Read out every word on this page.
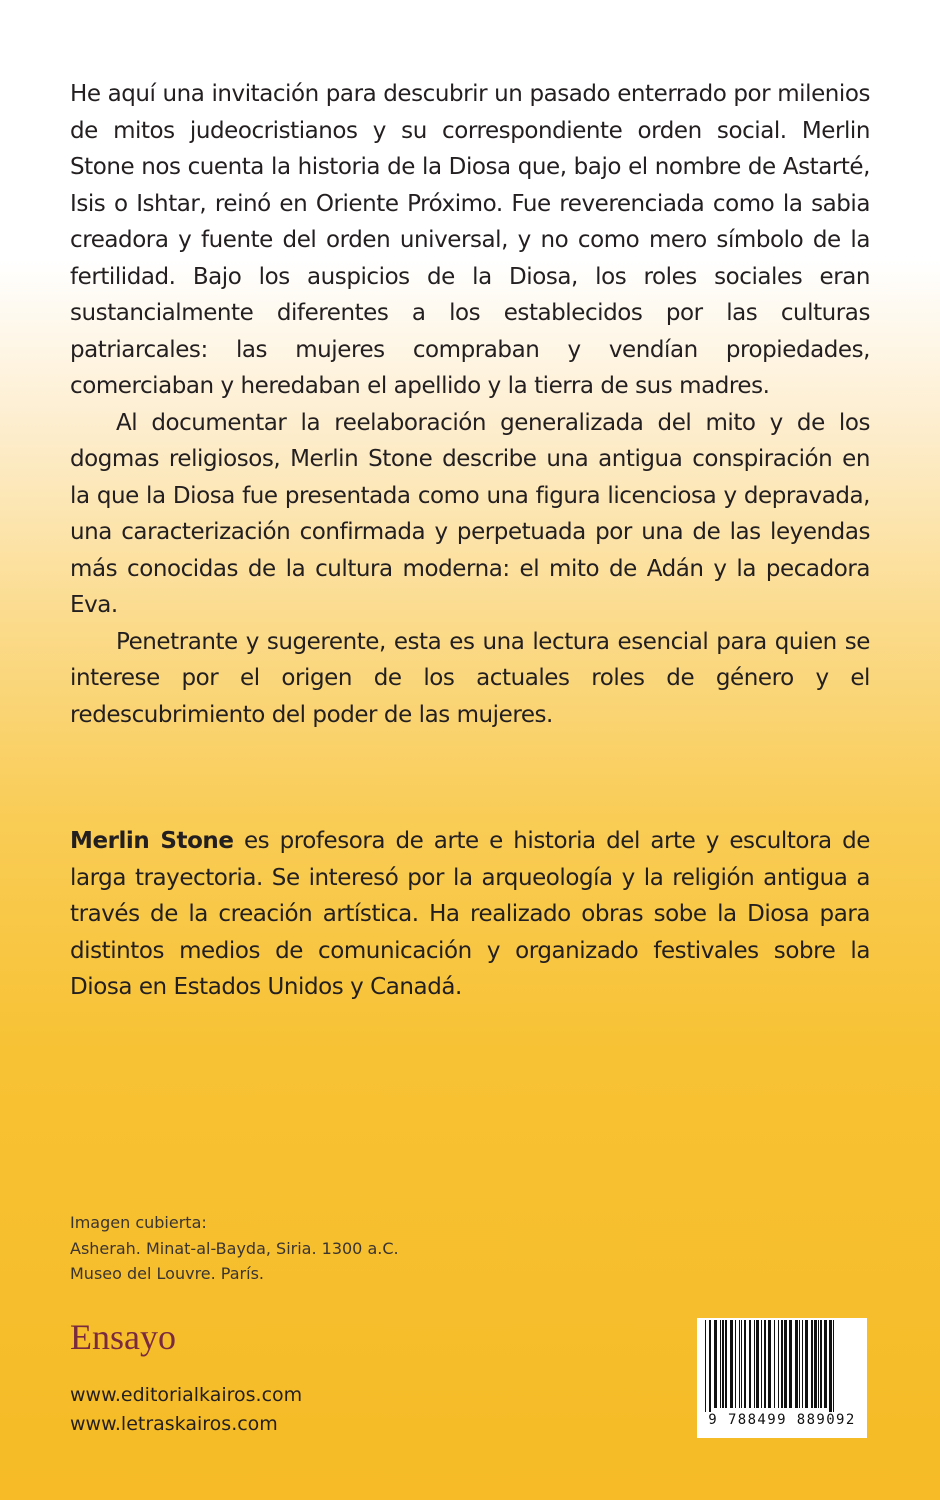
He aquí una invitación para descubrir un pasado enterrado por milenios de mitos judeocristianos y su correspondiente orden social. Merlin Stone nos cuenta la historia de la Diosa que, bajo el nombre de Astarté, Isis o Ishtar, reinó en Oriente Próximo. Fue reverenciada como la sabia creadora y fuente del orden universal, y no como mero símbolo de la fertilidad. Bajo los auspicios de la Diosa, los roles sociales eran sustancialmente diferentes a los establecidos por las culturas patriarcales: las mujeres compraban y vendían propiedades, comerciaban y heredaban el apellido y la tierra de sus madres.

Al documentar la reelaboración generalizada del mito y de los dogmas religiosos, Merlin Stone describe una antigua conspiración en la que la Diosa fue presentada como una figura licenciosa y depravada, una caracterización confirmada y perpetuada por una de las leyendas más conocidas de la cultura moderna: el mito de Adán y la pecadora Eva.

Penetrante y sugerente, esta es una lectura esencial para quien se interese por el origen de los actuales roles de género y el redescubrimiento del poder de las mujeres.

Merlin Stone es profesora de arte e historia del arte y escultora de larga trayectoria. Se interesó por la arqueología y la religión antigua a través de la creación artística. Ha realizado obras sobe la Diosa para distintos medios de comunicación y organizado festivales sobre la Diosa en Estados Unidos y Canadá.

Imagen cubierta:
Asherah. Minat-al-Bayda, Siria. 1300 a.C.
Museo del Louvre. París.
Ensayo
www.editorialkairos.com
www.letraskairos.com	9 788499 889092
